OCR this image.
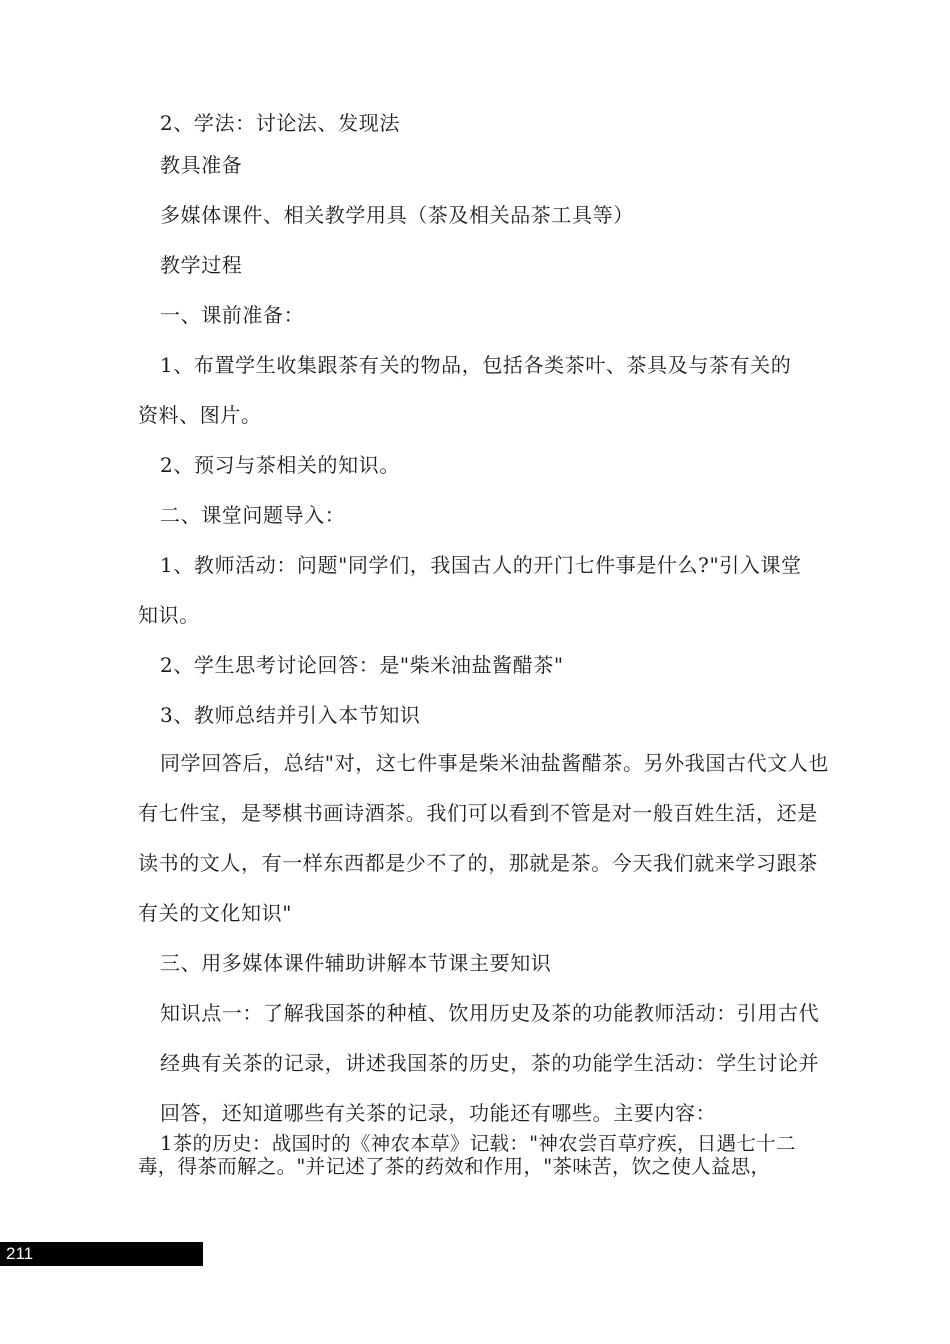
2、学法：讨论法、发现法
教具准备
多媒体课件、相关教学用具（茶及相关品茶工具等）
教学过程
一、课前准备：
1、布置学生收集跟茶有关的物品，包括各类茶叶、茶具及与茶有关的
资料、图片。
2、预习与茶相关的知识。
二、课堂问题导入：
1、教师活动：问题"同学们，我国古人的开门七件事是什么?"引入课堂
知识。
2、学生思考讨论回答：是"柴米油盐酱醋茶"
3、教师总结并引入本节知识
同学回答后，总结"对，这七件事是柴米油盐酱醋茶。另外我国古代文人也
有七件宝，是琴棋书画诗酒茶。我们可以看到不管是对一般百姓生活，还是
读书的文人，有一样东西都是少不了的，那就是茶。今天我们就来学习跟茶
有关的文化知识"
三、用多媒体课件辅助讲解本节课主要知识
知识点一：了解我国茶的种植、饮用历史及茶的功能教师活动：引用古代
经典有关茶的记录，讲述我国茶的历史，茶的功能学生活动：学生讨论并
回答，还知道哪些有关茶的记录，功能还有哪些。主要内容：
1茶的历史：战国时的《神农本草》记载："神农尝百草疗疾，日遇七十二
毒，得茶而解之。"并记述了茶的药效和作用，"茶味苦，饮之使人益思，
211
